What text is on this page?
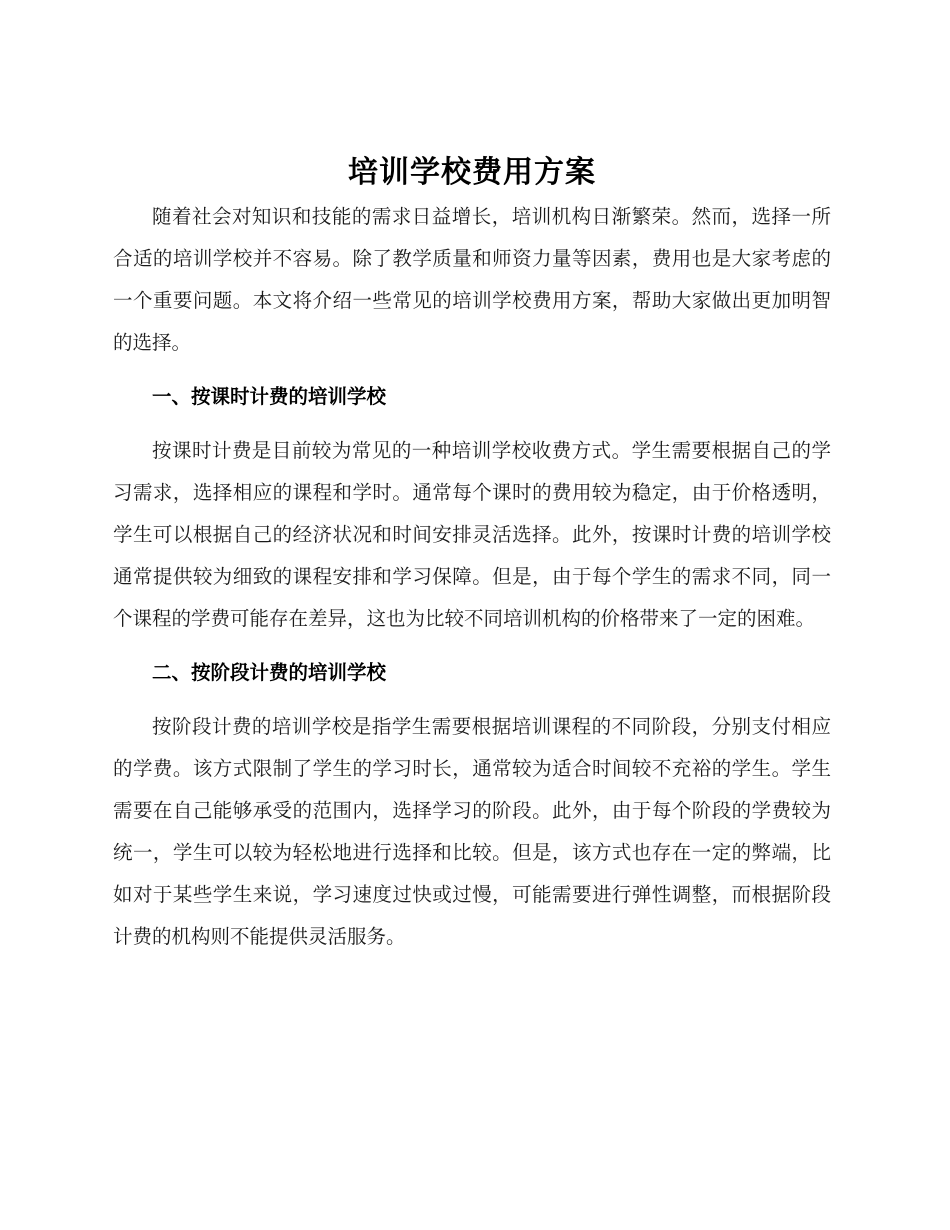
培训学校费用方案

随着社会对知识和技能的需求日益增长，培训机构日渐繁荣。然而，选择一所合适的培训学校并不容易。除了教学质量和师资力量等因素，费用也是大家考虑的一个重要问题。本文将介绍一些常见的培训学校费用方案，帮助大家做出更加明智的选择。

一、按课时计费的培训学校

按课时计费是目前较为常见的一种培训学校收费方式。学生需要根据自己的学习需求，选择相应的课程和学时。通常每个课时的费用较为稳定，由于价格透明，学生可以根据自己的经济状况和时间安排灵活选择。此外，按课时计费的培训学校通常提供较为细致的课程安排和学习保障。但是，由于每个学生的需求不同，同一个课程的学费可能存在差异，这也为比较不同培训机构的价格带来了一定的困难。

二、按阶段计费的培训学校

按阶段计费的培训学校是指学生需要根据培训课程的不同阶段，分别支付相应的学费。该方式限制了学生的学习时长，通常较为适合时间较不充裕的学生。学生需要在自己能够承受的范围内，选择学习的阶段。此外，由于每个阶段的学费较为统一，学生可以较为轻松地进行选择和比较。但是，该方式也存在一定的弊端，比如对于某些学生来说，学习速度过快或过慢，可能需要进行弹性调整，而根据阶段计费的机构则不能提供灵活服务。
